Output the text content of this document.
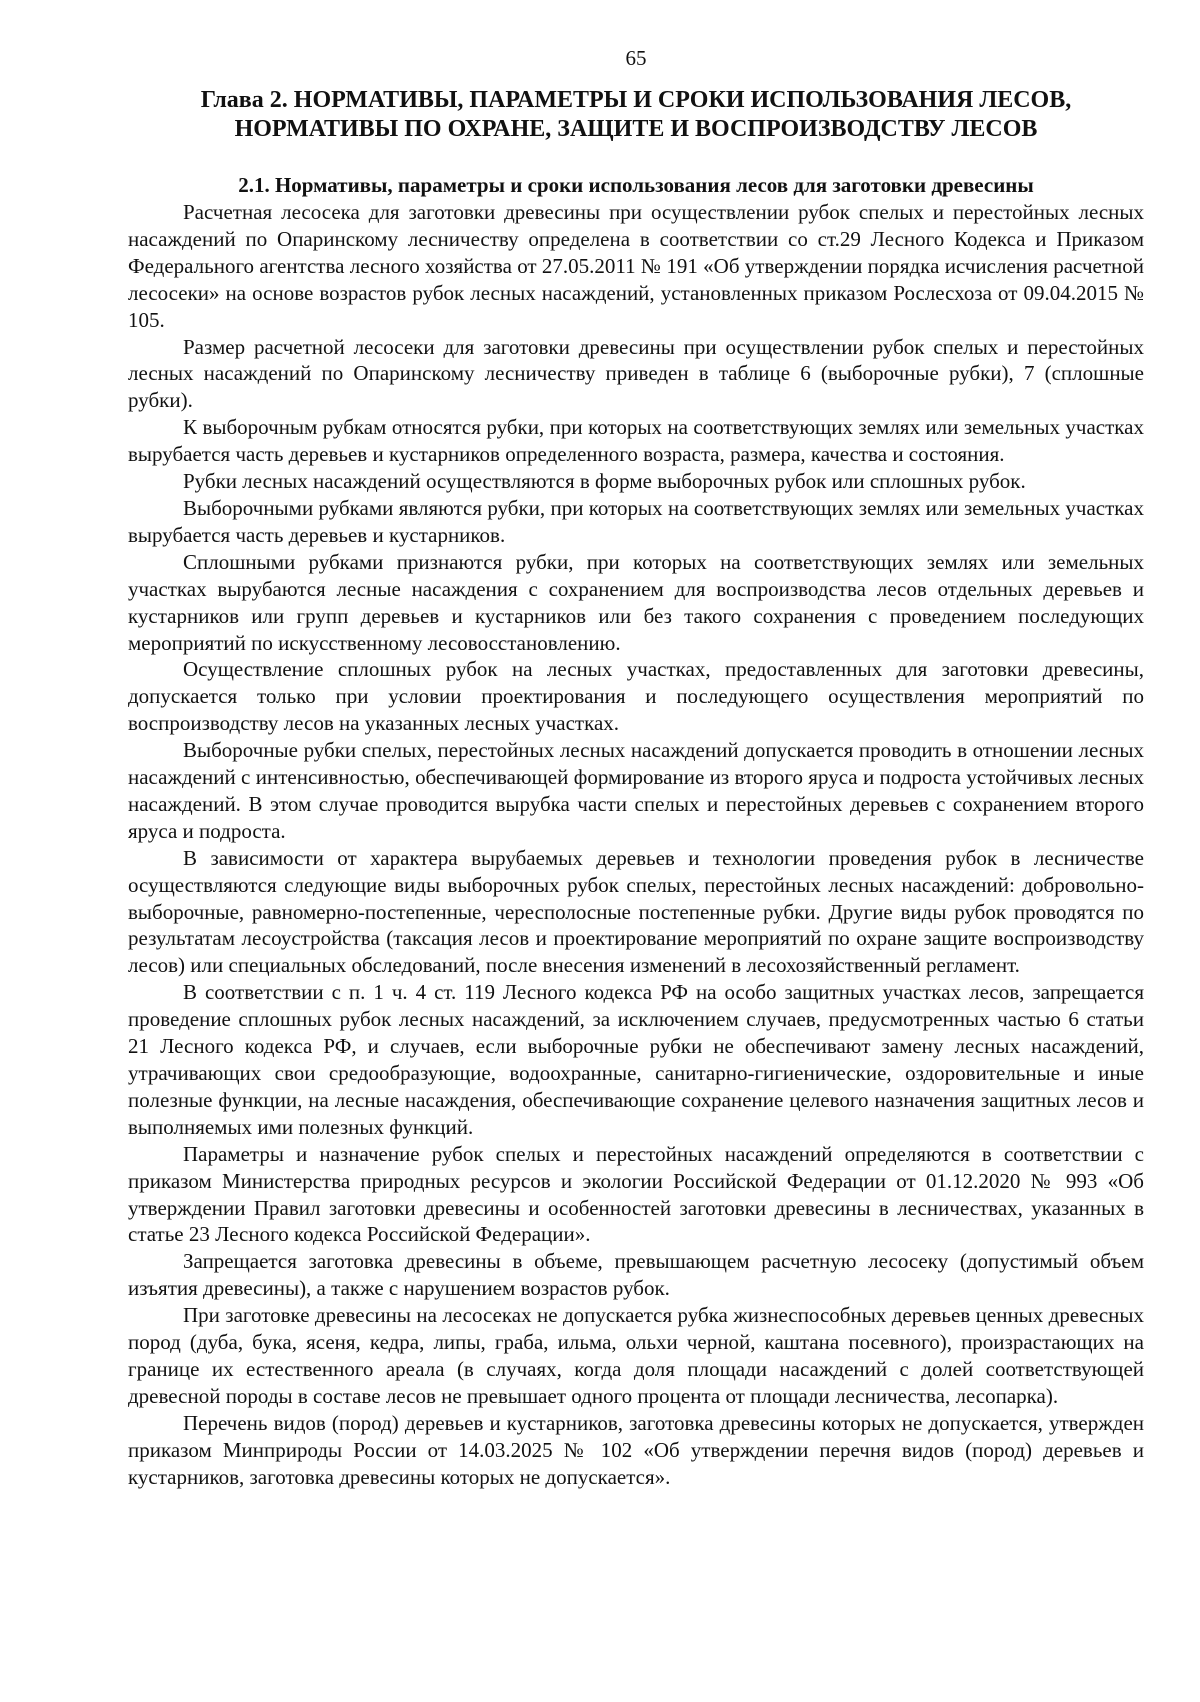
65
Глава 2. НОРМАТИВЫ, ПАРАМЕТРЫ И СРОКИ ИСПОЛЬЗОВАНИЯ ЛЕСОВ,
НОРМАТИВЫ ПО ОХРАНЕ, ЗАЩИТЕ И ВОСПРОИЗВОДСТВУ ЛЕСОВ
2.1. Нормативы, параметры и сроки использования лесов для заготовки древесины

Расчетная лесосека для заготовки древесины при осуществлении рубок спелых и перестойных лесных насаждений по Опаринскому лесничеству определена в соответствии со ст.29 Лесного Кодекса и Приказом Федерального агентства лесного хозяйства от 27.05.2011 № 191 «Об утверждении порядка исчисления расчетной лесосеки» на основе возрастов рубок лесных насаждений, установленных приказом Рослесхоза от 09.04.2015 № 105.

Размер расчетной лесосеки для заготовки древесины при осуществлении рубок спелых и перестойных лесных насаждений по Опаринскому лесничеству приведен в таблице 6 (выборочные рубки), 7 (сплошные рубки).

К выборочным рубкам относятся рубки, при которых на соответствующих землях или земельных участках вырубается часть деревьев и кустарников определенного возраста, размера, качества и состояния.

Рубки лесных насаждений осуществляются в форме выборочных рубок или сплошных рубок.

Выборочными рубками являются рубки, при которых на соответствующих землях или земельных участках вырубается часть деревьев и кустарников.

Сплошными рубками признаются рубки, при которых на соответствующих землях или земельных участках вырубаются лесные насаждения с сохранением для воспроизводства лесов отдельных деревьев и кустарников или групп деревьев и кустарников или без такого сохранения с проведением последующих мероприятий по искусственному лесовосстановлению.

Осуществление сплошных рубок на лесных участках, предоставленных для заготовки древесины, допускается только при условии проектирования и последующего осуществления мероприятий по воспроизводству лесов на указанных лесных участках.

Выборочные рубки спелых, перестойных лесных насаждений допускается проводить в отношении лесных насаждений с интенсивностью, обеспечивающей формирование из второго яруса и подроста устойчивых лесных насаждений. В этом случае проводится вырубка части спелых и перестойных деревьев с сохранением второго яруса и подроста.

В зависимости от характера вырубаемых деревьев и технологии проведения рубок в лесничестве осуществляются следующие виды выборочных рубок спелых, перестойных лесных насаждений: добровольно-выборочные, равномерно-постепенные, чересполосные постепенные рубки. Другие виды рубок проводятся по результатам лесоустройства (таксация лесов и проектирование мероприятий по охране защите воспроизводству лесов) или специальных обследований, после внесения изменений в лесохозяйственный регламент.

В соответствии с п. 1 ч. 4 ст. 119 Лесного кодекса РФ на особо защитных участках лесов, запрещается проведение сплошных рубок лесных насаждений, за исключением случаев, предусмотренных частью 6 статьи 21 Лесного кодекса РФ, и случаев, если выборочные рубки не обеспечивают замену лесных насаждений, утрачивающих свои средообразующие, водоохранные, санитарно-гигиенические, оздоровительные и иные полезные функции, на лесные насаждения, обеспечивающие сохранение целевого назначения защитных лесов и выполняемых ими полезных функций.

Параметры и назначение рубок спелых и перестойных насаждений определяются в соответствии с приказом Министерства природных ресурсов и экологии Российской Федерации от 01.12.2020 № 993 «Об утверждении Правил заготовки древесины и особенностей заготовки древесины в лесничествах, указанных в статье 23 Лесного кодекса Российской Федерации».

Запрещается заготовка древесины в объеме, превышающем расчетную лесосеку (допустимый объем изъятия древесины), а также с нарушением возрастов рубок.

При заготовке древесины на лесосеках не допускается рубка жизнеспособных деревьев ценных древесных пород (дуба, бука, ясеня, кедра, липы, граба, ильма, ольхи черной, каштана посевного), произрастающих на границе их естественного ареала (в случаях, когда доля площади насаждений с долей соответствующей древесной породы в составе лесов не превышает одного процента от площади лесничества, лесопарка).

Перечень видов (пород) деревьев и кустарников, заготовка древесины которых не допускается, утвержден приказом Минприроды России от 14.03.2025 № 102 «Об утверждении перечня видов (пород) деревьев и кустарников, заготовка древесины которых не допускается».
